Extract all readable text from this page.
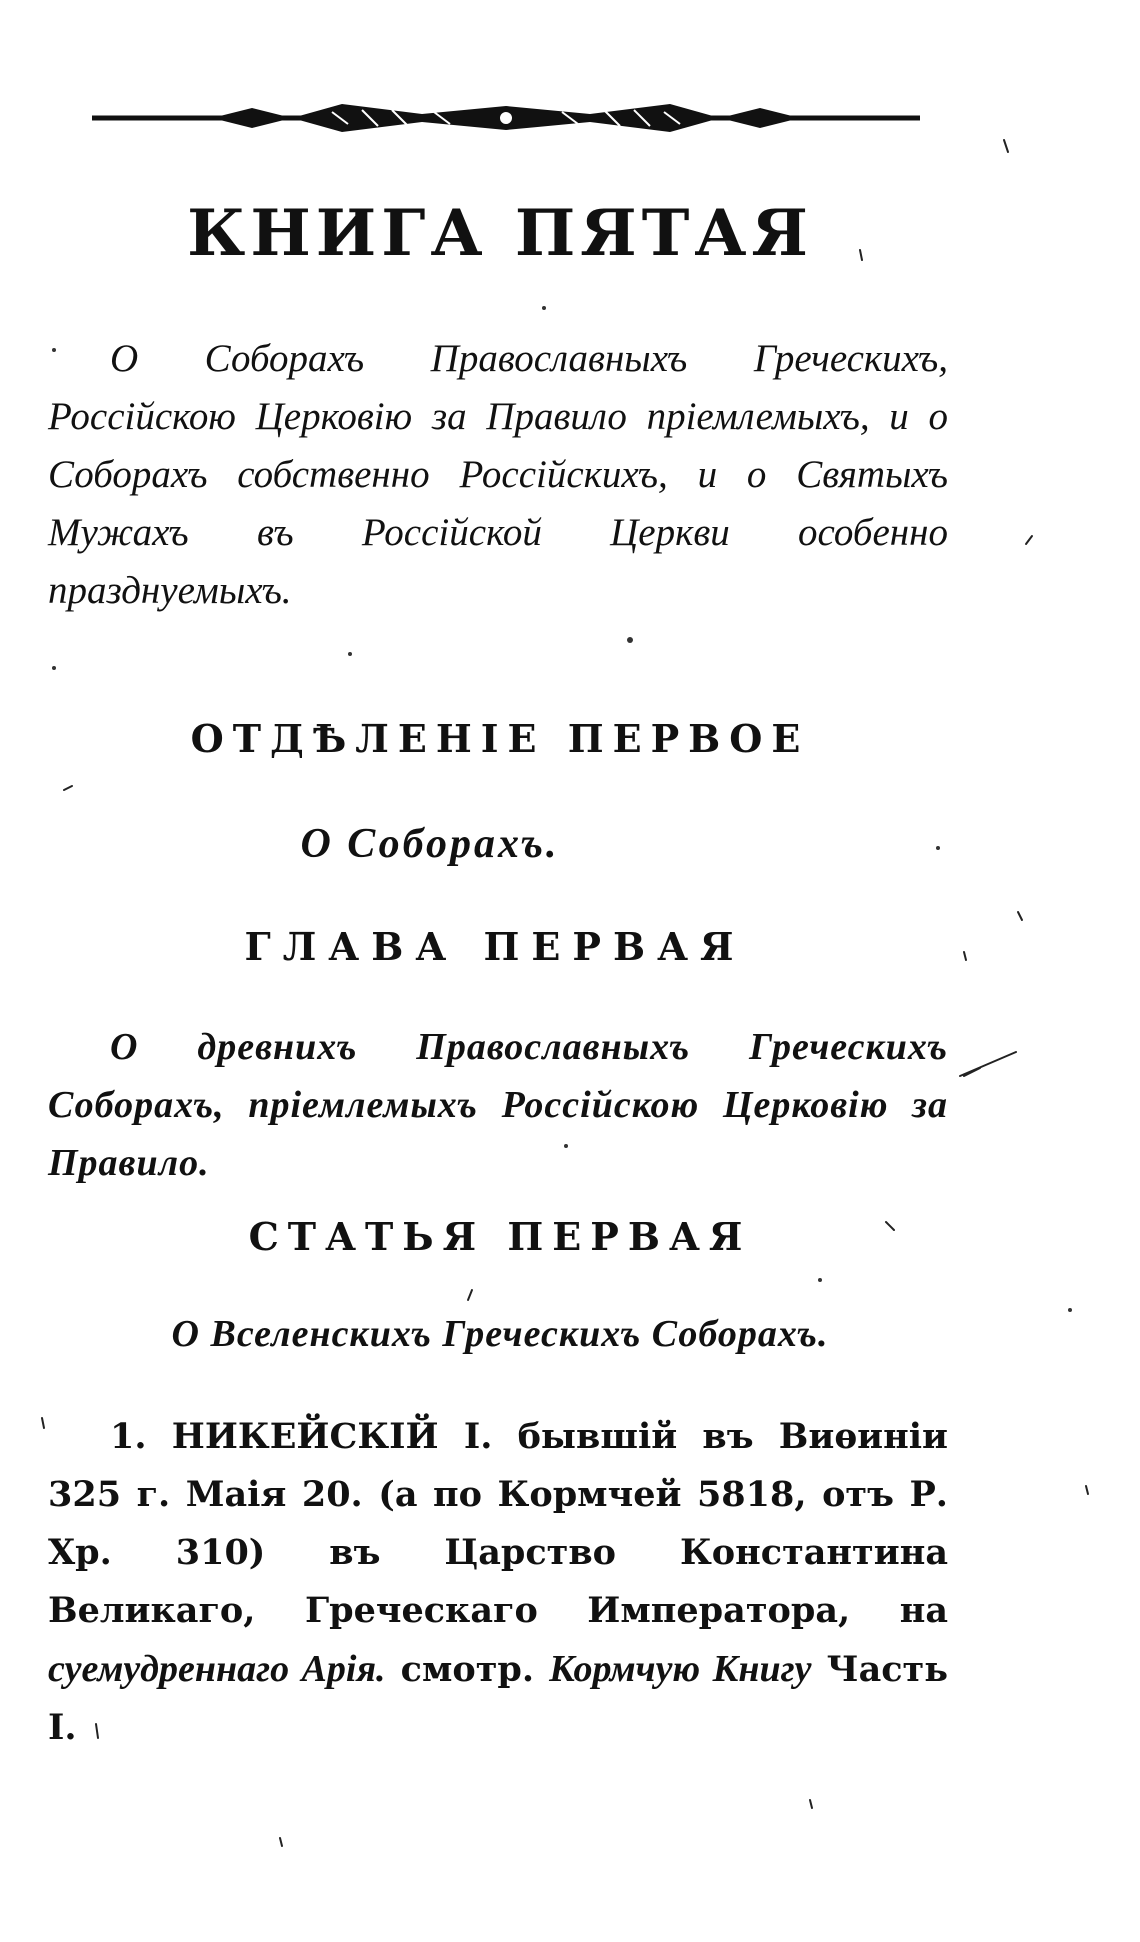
КНИГА ПЯТАЯ

О Соборахъ Православныхъ Греческихъ, Россійскою Церковію за Правило пріемлемыхъ, и о Соборахъ собственно Россійскихъ, и о Святыхъ Мужахъ въ Россійской Церкви особенно празднуемыхъ.

ОТДѢЛЕНІЕ ПЕРВОЕ

О Соборахъ.

ГЛАВА ПЕРВАЯ

О древнихъ Православныхъ Греческихъ Соборахъ, пріемлемыхъ Россійскою Церковію за Правило.

СТАТЬЯ ПЕРВАЯ

О Вселенскихъ Греческихъ Соборахъ.

1. НИКЕЙСКІЙ I. бывшій въ Виѳиніи 325 г. Маія 20. (а по Кормчей 5818, отъ Р. Хр. 310) въ Царство Константина Великаго, Греческаго Императора, на суемудреннаго Арія. смотр. Кормчую Книгу Часть I.
